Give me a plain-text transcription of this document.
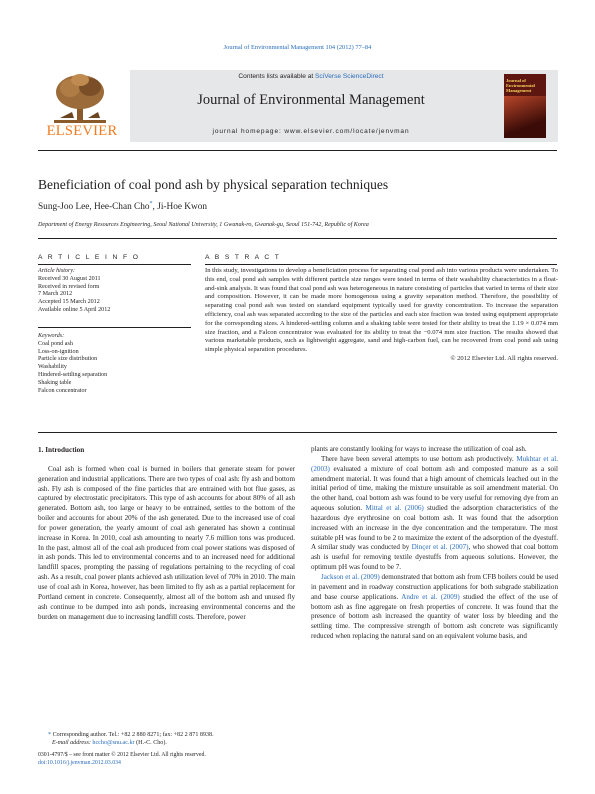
Journal of Environmental Management 104 (2012) 77–84
ELSEVIER
Contents lists available at SciVerse ScienceDirect
Journal of Environmental Management
journal homepage: www.elsevier.com/locate/jenvman
Journal of
Environmental
Management
Beneficiation of coal pond ash by physical separation techniques
Sung-Joo Lee, Hee-Chan Cho*, Ji-Hoe Kwon
Department of Energy Resources Engineering, Seoul National University, 1 Gwanak-ro, Gwanak-gu, Seoul 151-742, Republic of Korea
A R T I C L E I N F O
Article history:
Received 30 August 2011
Received in revised form
7 March 2012
Accepted 15 March 2012
Available online 5 April 2012
Keywords:
Coal pond ash
Loss-on-ignition
Particle size distribution
Washability
Hindered-settling separation
Shaking table
Falcon concentrator
A B S T R A C T
In this study, investigations to develop a beneficiation process for separating coal pond ash into various products were undertaken. To this end, coal pond ash samples with different particle size ranges were tested in terms of their washability characteristics in a float-and-sink analysis. It was found that coal pond ash was heterogeneous in nature consisting of particles that varied in terms of their size and composition. However, it can be made more homogenous using a gravity separation method. Therefore, the possibility of separating coal pond ash was tested on standard equipment typically used for gravity concentration. To increase the separation efficiency, coal ash was separated according to the size of the particles and each size fraction was tested using equipment appropriate for the corresponding sizes. A hindered-settling column and a shaking table were tested for their ability to treat the 1.19 × 0.074 mm size fraction, and a Falcon concentrator was evaluated for its ability to treat the −0.074 mm size fraction. The results showed that various marketable products, such as lightweight aggregate, sand and high-carbon fuel, can be recovered from coal pond ash using simple physical separation procedures.
© 2012 Elsevier Ltd. All rights reserved.
1. Introduction

Coal ash is formed when coal is burned in boilers that generate steam for power generation and industrial applications. There are two types of coal ash: fly ash and bottom ash. Fly ash is composed of the fine particles that are entrained with hot flue gases, as captured by electrostatic precipitators. This type of ash accounts for about 80% of all ash generated. Bottom ash, too large or heavy to be entrained, settles to the bottom of the boiler and accounts for about 20% of the ash generated. Due to the increased use of coal for power generation, the yearly amount of coal ash generated has shown a continual increase in Korea. In 2010, coal ash amounting to nearly 7.6 million tons was produced. In the past, almost all of the coal ash produced from coal power stations was disposed of in ash ponds. This led to environmental concerns and to an increased need for additional landfill spaces, prompting the passing of regulations pertaining to the recycling of coal ash. As a result, coal power plants achieved ash utilization level of 70% in 2010. The main use of coal ash in Korea, however, has been limited to fly ash as a partial replacement for Portland cement in concrete. Consequently, almost all of the bottom ash and unused fly ash continue to be dumped into ash ponds, increasing environmental concerns and the burden on management due to increasing landfill costs. Therefore, power

plants are constantly looking for ways to increase the utilization of coal ash.

There have been several attempts to use bottom ash productively. Mukhtar et al. (2003) evaluated a mixture of coal bottom ash and composted manure as a soil amendment material. It was found that a high amount of chemicals leached out in the initial period of time, making the mixture unsuitable as soil amendment material. On the other hand, coal bottom ash was found to be very useful for removing dye from an aqueous solution. Mittal et al. (2006) studied the adsorption characteristics of the hazardous dye erythrosine on coal bottom ash. It was found that the adsorption increased with an increase in the dye concentration and the temperature. The most suitable pH was found to be 2 to maximize the extent of the adsorption of the dyestuff. A similar study was conducted by Dinçer et al. (2007), who showed that coal bottom ash is useful for removing textile dyestuffs from aqueous solutions. However, the optimum pH was found to be 7.

Jackson et al. (2009) demonstrated that bottom ash from CFB boilers could be used in pavement and in roadway construction applications for both subgrade stabilization and base course applications. Andre et al. (2009) studied the effect of the use of bottom ash as fine aggregate on fresh properties of concrete. It was found that the presence of bottom ash increased the quantity of water loss by bleeding and the settling time. The compressive strength of bottom ash concrete was significantly reduced when replacing the natural sand on an equivalent volume basis, and

* Corresponding author. Tel.: +82 2 880 8271; fax: +82 2 871 8938.
E-mail address: hccho@snu.ac.kr (H.-C. Cho).
0301-4797/$ – see front matter © 2012 Elsevier Ltd. All rights reserved.
doi:10.1016/j.jenvman.2012.03.034
